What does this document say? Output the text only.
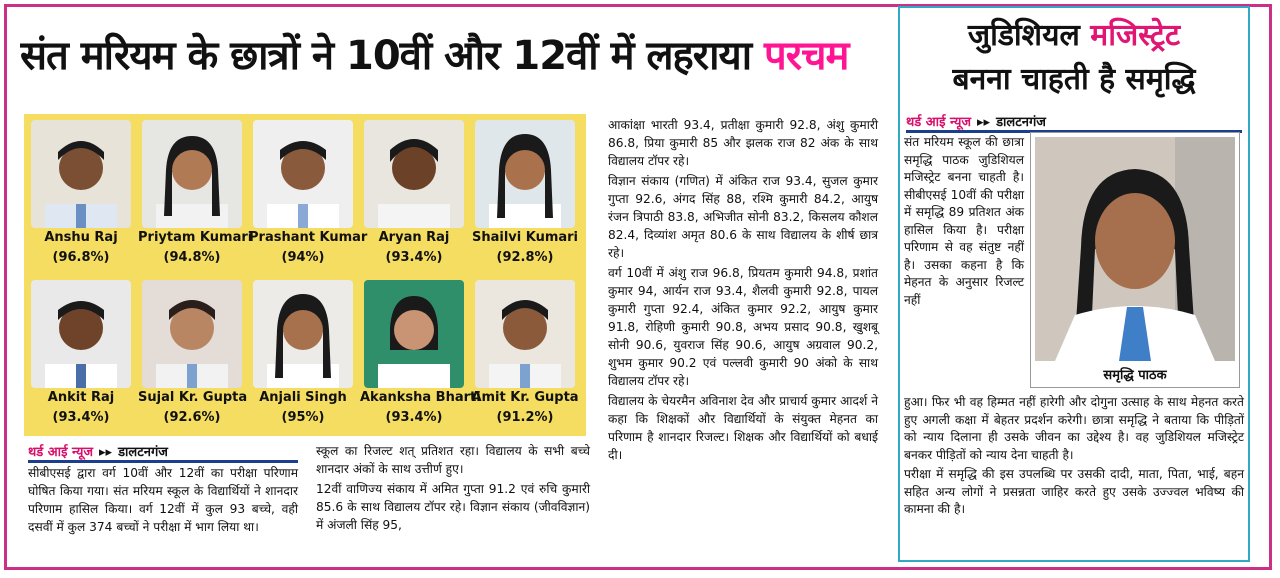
संत मरियम के छात्रों ने 10वीं और 12वीं में लहराया परचम
Anshu Raj
(96.8%)
Priytam Kumari
(94.8%)
Prashant Kumar
(94%)
Aryan Raj
(93.4%)
Shailvi Kumari
(92.8%)
Ankit Raj
(93.4%)
Sujal Kr. Gupta
(92.6%)
Anjali Singh
(95%)
Akanksha Bharti
(93.4%)
Amit Kr. Gupta
(91.2%)
थर्ड आई न्यूज ▸▸ डालटनगंज

सीबीएसई द्वारा वर्ग 10वीं और 12वीं का परीक्षा परिणाम घोषित किया गया। संत मरियम स्कूल के विद्यार्थियों ने शानदार परिणाम हासिल किया। वर्ग 12वीं में कुल 93 बच्चे, वही दसवीं में कुल 374 बच्चों ने परीक्षा में भाग लिया था।

स्कूल का रिजल्ट शत् प्रतिशत रहा। विद्यालय के सभी बच्चे शानदार अंकों के साथ उत्तीर्ण हुए।

12वीं वाणिज्य संकाय में अमित गुप्ता 91.2 एवं रुचि कुमारी 85.6 के साथ विद्यालय टॉपर रहे। विज्ञान संकाय (जीवविज्ञान) में अंजली सिंह 95,

आकांक्षा भारती 93.4, प्रतीक्षा कुमारी 92.8, अंशु कुमारी 86.8, प्रिया कुमारी 85 और झलक राज 82 अंक के साथ विद्यालय टॉपर रहे।

विज्ञान संकाय (गणित) में अंकित राज 93.4, सुजल कुमार गुप्ता 92.6, अंगद सिंह 88, रश्मि कुमारी 84.2, आयुष रंजन त्रिपाठी 83.8, अभिजीत सोनी 83.2, किसलय कौशल 82.4, दिव्यांश अमृत 80.6 के साथ विद्यालय के शीर्ष छात्र रहे।

वर्ग 10वीं में अंशु राज 96.8, प्रियतम कुमारी 94.8, प्रशांत कुमार 94, आर्यन राज 93.4, शैलवी कुमारी 92.8, पायल कुमारी गुप्ता 92.4, अंकित कुमार 92.2, आयुष कुमार 91.8, रोहिणी कुमारी 90.8, अभय प्रसाद 90.8, खुशबू सोनी 90.6, युवराज सिंह 90.6, आयुष अग्रवाल 90.2, शुभम कुमार 90.2 एवं पल्लवी कुमारी 90 अंको के साथ विद्यालय टॉपर रहे।

विद्यालय के चेयरमैन अविनाश देव और प्राचार्य कुमार आदर्श ने कहा कि शिक्षकों और विद्यार्थियों के संयुक्त मेहनत का परिणाम है शानदार रिजल्ट। शिक्षक और विद्यार्थियों को बधाई दी।

जुडिशियल मजिस्ट्रेट
बनना चाहती है समृद्धि
थर्ड आई न्यूज ▸▸ डालटनगंज

संत मरियम स्कूल की छात्रा समृद्धि पाठक जुडिशियल मजिस्ट्रेट बनना चाहती है। सीबीएसई 10वीं की परीक्षा में समृद्धि 89 प्रतिशत अंक हासिल किया है। परीक्षा परिणाम से वह संतुष्ट नहीं है। उसका कहना है कि मेहनत के अनुसार रिजल्ट नहीं

समृद्धि पाठक

हुआ। फिर भी वह हिम्मत नहीं हारेगी और दोगुना उत्साह के साथ मेहनत करते हुए अगली कक्षा में बेहतर प्रदर्शन करेगी। छात्रा समृद्धि ने बताया कि पीड़ितों को न्याय दिलाना ही उसके जीवन का उद्देश्य है। वह जुडिशियल मजिस्ट्रेट बनकर पीड़ितों को न्याय देना चाहती है।

परीक्षा में समृद्धि की इस उपलब्धि पर उसकी दादी, माता, पिता, भाई, बहन सहित अन्य लोगों ने प्रसन्नता जाहिर करते हुए उसके उज्ज्वल भविष्य की कामना की है।
